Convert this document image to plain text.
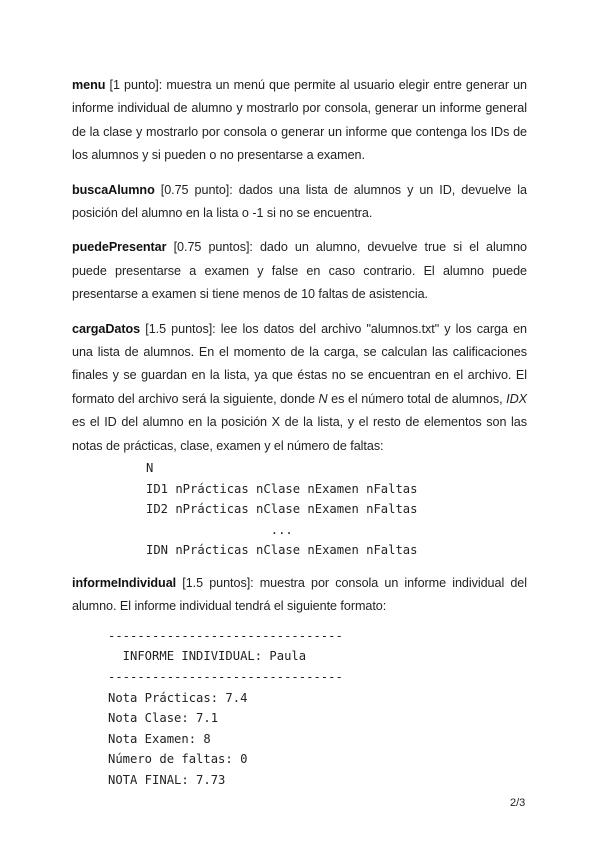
menu [1 punto]: muestra un menú que permite al usuario elegir entre generar un informe individual de alumno y mostrarlo por consola, generar un informe general de la clase y mostrarlo por consola o generar un informe que contenga los IDs de los alumnos y si pueden o no presentarse a examen.

buscaAlumno [0.75 punto]: dados una lista de alumnos y un ID, devuelve la posición del alumno en la lista o -1 si no se encuentra.

puedePresentar [0.75 puntos]: dado un alumno, devuelve true si el alumno puede presentarse a examen y false en caso contrario. El alumno puede presentarse a examen si tiene menos de 10 faltas de asistencia.

cargaDatos [1.5 puntos]: lee los datos del archivo "alumnos.txt" y los carga en una lista de alumnos. En el momento de la carga, se calculan las calificaciones finales y se guardan en la lista, ya que éstas no se encuentran en el archivo. El formato del archivo será la siguiente, donde N es el número total de alumnos, IDX es el ID del alumno en la posición X de la lista, y el resto de elementos son las notas de prácticas, clase, examen y el número de faltas:

N
ID1 nPrácticas nClase nExamen nFaltas
ID2 nPrácticas nClase nExamen nFaltas
...
IDN nPrácticas nClase nExamen nFaltas

informeIndividual [1.5 puntos]: muestra por consola un informe individual del alumno. El informe individual tendrá el siguiente formato:

--------------------------------
INFORME INDIVIDUAL: Paula
--------------------------------
Nota Prácticas: 7.4
Nota Clase: 7.1
Nota Examen: 8
Número de faltas: 0
NOTA FINAL: 7.73
2/3
